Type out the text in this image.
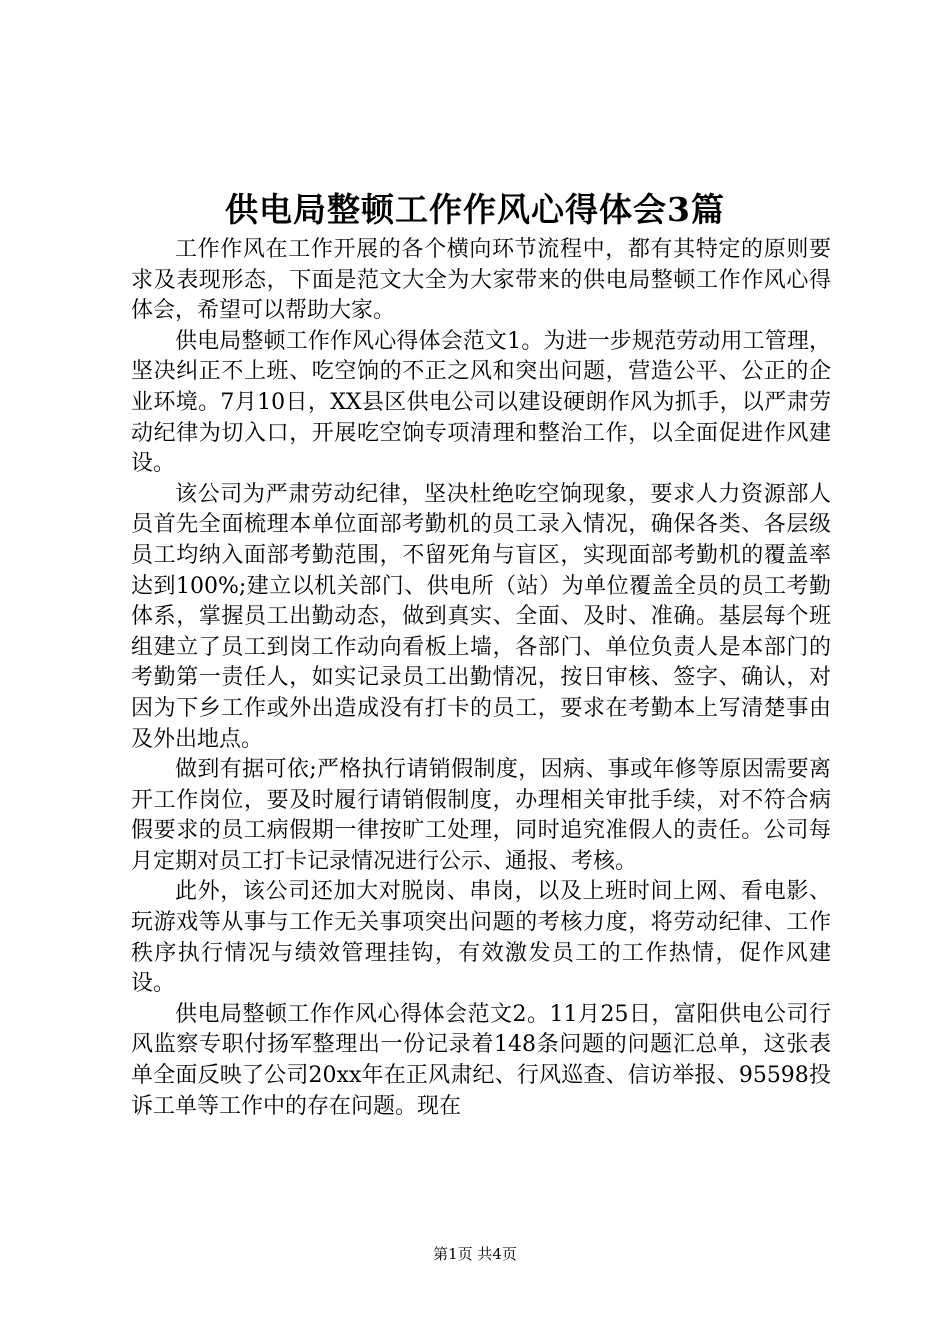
供电局整顿工作作风心得体会3篇

工作作风在工作开展的各个横向环节流程中，都有其特定的原则要求及表现形态，下面是范文大全为大家带来的供电局整顿工作作风心得体会，希望可以帮助大家。

供电局整顿工作作风心得体会范文1。为进一步规范劳动用工管理，坚决纠正不上班、吃空饷的不正之风和突出问题，营造公平、公正的企业环境。7月10日，XX县区供电公司以建设硬朗作风为抓手，以严肃劳动纪律为切入口，开展吃空饷专项清理和整治工作，以全面促进作风建设。

该公司为严肃劳动纪律，坚决杜绝吃空饷现象，要求人力资源部人员首先全面梳理本单位面部考勤机的员工录入情况，确保各类、各层级员工均纳入面部考勤范围，不留死角与盲区，实现面部考勤机的覆盖率达到100%;建立以机关部门、供电所（站）为单位覆盖全员的员工考勤体系，掌握员工出勤动态，做到真实、全面、及时、准确。基层每个班组建立了员工到岗工作动向看板上墙，各部门、单位负责人是本部门的考勤第一责任人，如实记录员工出勤情况，按日审核、签字、确认，对因为下乡工作或外出造成没有打卡的员工，要求在考勤本上写清楚事由及外出地点。

做到有据可依;严格执行请销假制度，因病、事或年修等原因需要离开工作岗位，要及时履行请销假制度，办理相关审批手续，对不符合病假要求的员工病假期一律按旷工处理，同时追究准假人的责任。公司每月定期对员工打卡记录情况进行公示、通报、考核。

此外，该公司还加大对脱岗、串岗，以及上班时间上网、看电影、玩游戏等从事与工作无关事项突出问题的考核力度，将劳动纪律、工作秩序执行情况与绩效管理挂钩，有效激发员工的工作热情，促作风建设。

供电局整顿工作作风心得体会范文2。11月25日，富阳供电公司行风监察专职付扬军整理出一份记录着148条问题的问题汇总单，这张表单全面反映了公司20xx年在正风肃纪、行风巡查、信访举报、95598投诉工单等工作中的存在问题。现在

第1页 共4页
